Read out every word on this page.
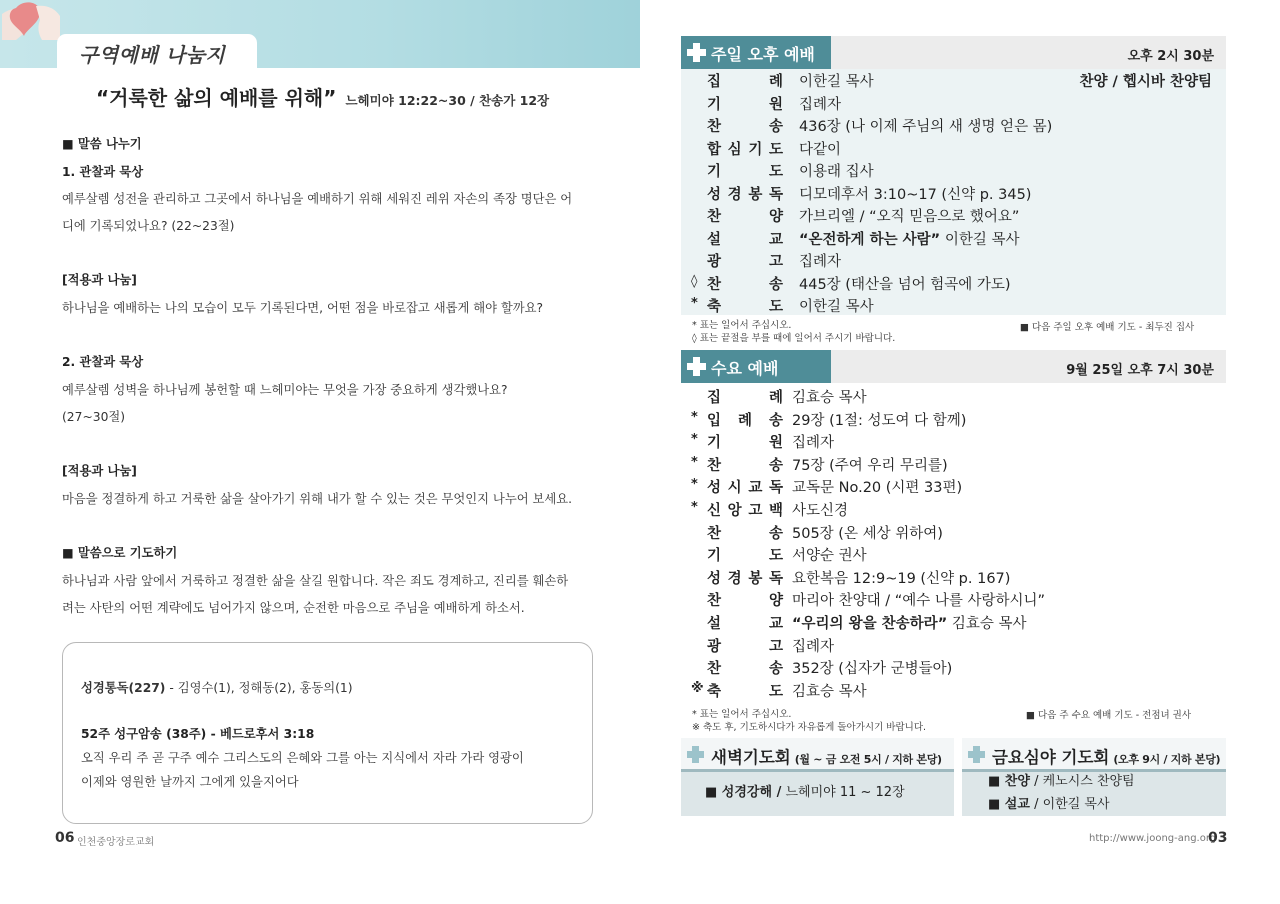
구역예배 나눔지
“거룩한 삶의 예배를 위해” 느헤미야 12:22~30 / 찬송가 12장
■ 말씀 나누기
1. 관찰과 묵상
예루살렘 성전을 관리하고 그곳에서 하나님을 예배하기 위해 세워진 레위 자손의 족장 명단은 어
디에 기록되었나요? (22~23절)
[적용과 나눔]
하나님을 예배하는 나의 모습이 모두 기록된다면, 어떤 점을 바로잡고 새롭게 해야 할까요?
2. 관찰과 묵상
예루살렘 성벽을 하나님께 봉헌할 때 느헤미야는 무엇을 가장 중요하게 생각했나요?
(27~30절)
[적용과 나눔]
마음을 정결하게 하고 거룩한 삶을 살아가기 위해 내가 할 수 있는 것은 무엇인지 나누어 보세요.
■ 말씀으로 기도하기
하나님과 사람 앞에서 거룩하고 정결한 삶을 살길 원합니다. 작은 죄도 경계하고, 진리를 훼손하
려는 사탄의 어떤 계략에도 넘어가지 않으며, 순전한 마음으로 주님을 예배하게 하소서.
성경통독(227) - 김영수(1), 정해동(2), 홍동의(1)
52주 성구암송 (38주) - 베드로후서 3:18
오직 우리 주 곧 구주 예수 그리스도의 은혜와 그를 아는 지식에서 자라 가라 영광이
이제와 영원한 날까지 그에게 있을지어다
06 인천중앙장로교회
주일 오후 예배	오후 2시 30분
집	례 이한길 목사	찬양 / 헵시바 찬양팀
기	원 집례자
찬	송 436장 (나 이제 주님의 새 생명 얻은 몸)
합 심 기 도 다같이
기	도 이용래 집사
성 경 봉 독 디모데후서 3:10~17 (신약 p. 345)
찬	양 가브리엘 / “오직 믿음으로 했어요”
설	교 “온전하게 하는 사람” 이한길 목사
광	고 집례자
◊ 찬	송 445장 (태산을 넘어 험곡에 가도)
* 축	도 이한길 목사
* 표는 일어서 주십시오.
◊ 표는 끝절을 부를 때에 일어서 주시기 바랍니다.
■ 다음 주일 오후 예배 기도 - 최두진 집사
수요 예배	9월 25일 오후 7시 30분
집	례 김효승 목사
* 입 례 송 29장 (1절: 성도여 다 함께)
* 기	원 집례자
* 찬	송 75장 (주여 우리 무리를)
* 성 시 교 독 교독문 No.20 (시편 33편)
* 신 앙 고 백 사도신경
찬	송 505장 (온 세상 위하여)
기	도 서양순 권사
성 경 봉 독 요한복음 12:9~19 (신약 p. 167)
찬	양 마리아 찬양대 / “예수 나를 사랑하시니”
설	교 “우리의 왕을 찬송하라” 김효승 목사
광	고 집례자
찬	송 352장 (십자가 군병들아)
※ 축	도 김효승 목사
* 표는 일어서 주십시오.
※ 축도 후, 기도하시다가 자유롭게 돌아가시기 바랍니다.
■ 다음 주 수요 예배 기도 - 전점녀 권사
새벽기도회 (월 ~ 금 오전 5시 / 지하 본당)
■ 성경강해 / 느헤미야 11 ~ 12장
금요심야 기도회 (오후 9시 / 지하 본당)
■ 찬양 / 케노시스 찬양팀
■ 설교 / 이한길 목사
http://www.joong-ang.org
03
